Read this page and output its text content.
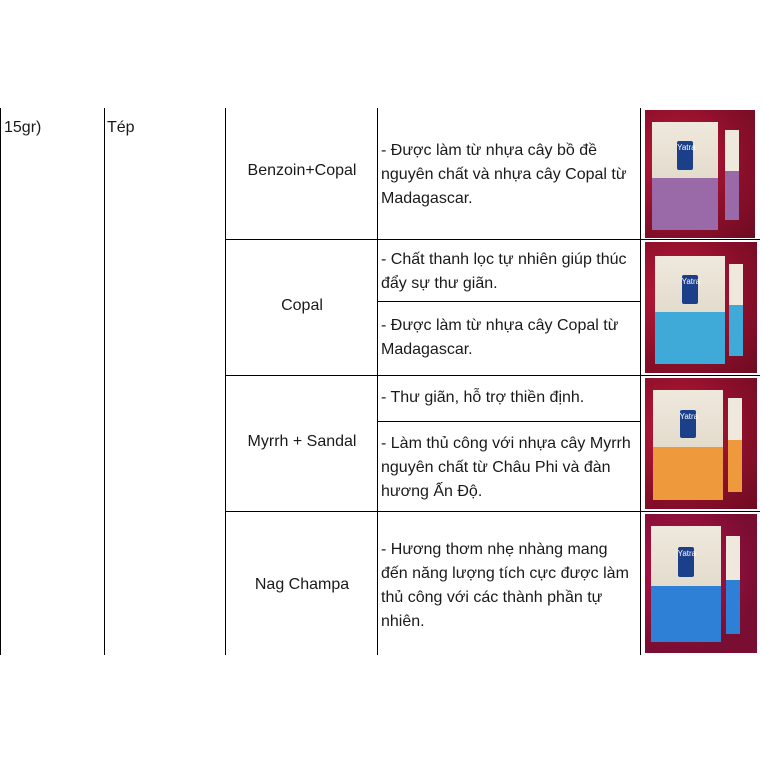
15gr)	Tép
Benzoin+Copal
- Được làm từ nhựa cây bồ đề nguyên chất và nhựa cây Copal từ Madagascar.
Copal
- Chất thanh lọc tự nhiên giúp thúc đẩy sự thư giãn.
- Được làm từ nhựa cây Copal từ Madagascar.
Myrrh + Sandal
- Thư giãn, hỗ trợ thiền định.
- Làm thủ công với nhựa cây Myrrh nguyên chất từ Châu Phi và đàn hương Ấn Độ.
Nag Champa
- Hương thơm nhẹ nhàng mang đến năng lượng tích cực được làm thủ công với các thành phần tự nhiên.
Yatra
Yatra
Yatra
Yatra
